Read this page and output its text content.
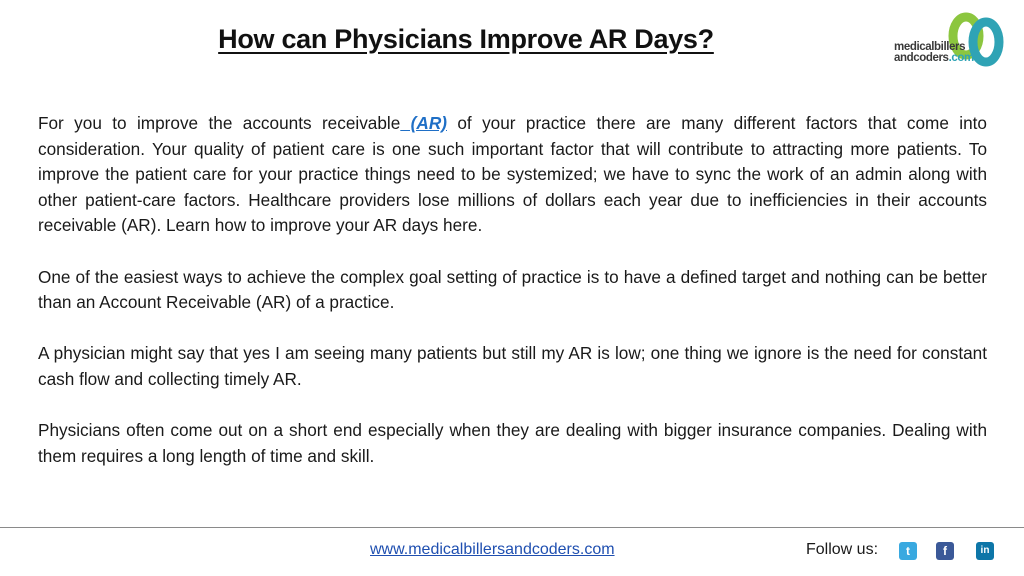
How can Physicians Improve AR Days?	medicalbillers
andcoders.com

For you to improve the accounts receivable (AR) of your practice there are many different factors that come into consideration. Your quality of patient care is one such important factor that will contribute to attracting more patients. To improve the patient care for your practice things need to be systemized; we have to sync the work of an admin along with other patient-care factors. Healthcare providers lose millions of dollars each year due to inefficiencies in their accounts receivable (AR). Learn how to improve your AR days here.

One of the easiest ways to achieve the complex goal setting of practice is to have a defined target and nothing can be better than an Account Receivable (AR) of a practice.

A physician might say that yes I am seeing many patients but still my AR is low; one thing we ignore is the need for constant cash flow and collecting timely AR.

Physicians often come out on a short end especially when they are dealing with bigger insurance companies. Dealing with them requires a long length of time and skill.

www.medicalbillersandcoders.com	Follow us:	t	f	in
